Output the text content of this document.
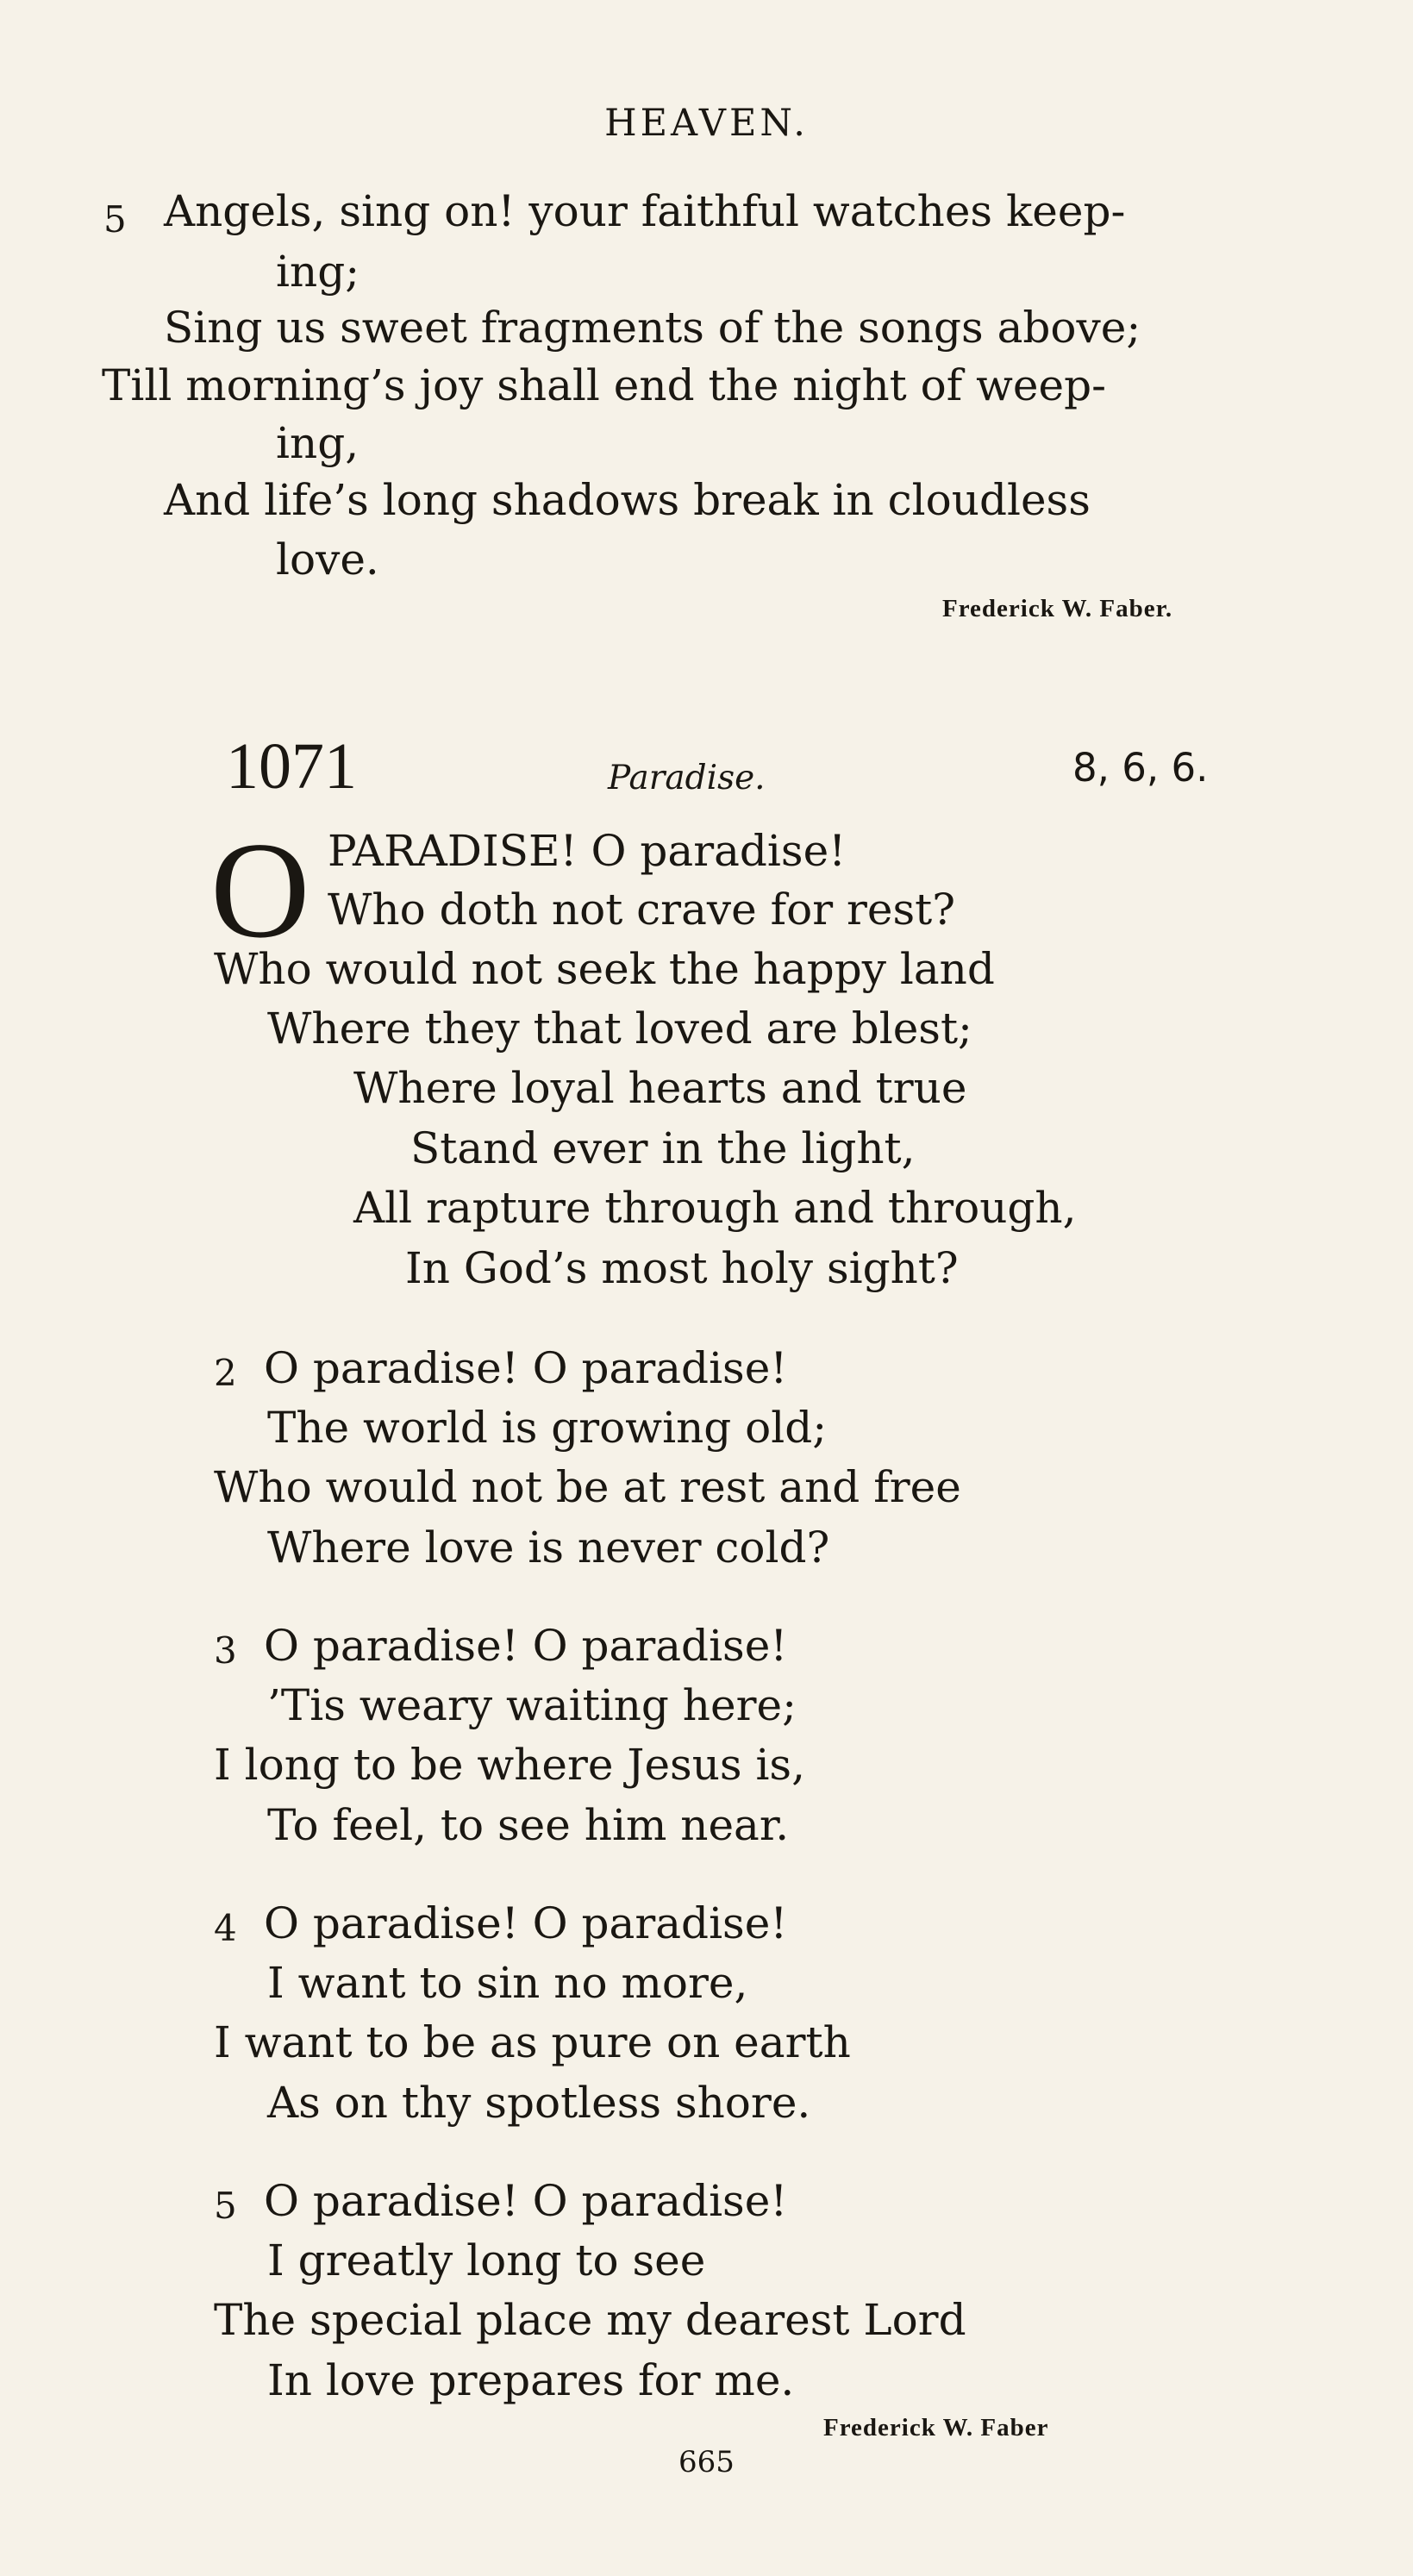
HEAVEN.
5 Angels, sing on! your faithful watches keep-
ing;
Sing us sweet fragments of the songs above;
Till morning’s joy shall end the night of weep-
ing,
And life’s long shadows break in cloudless
love.
Frederick W. Faber.
1071	Paradise.	8, 6, 6.
O PARADISE! O paradise!
Who doth not crave for rest?
Who would not seek the happy land
Where they that loved are blest;
Where loyal hearts and true
Stand ever in the light,
All rapture through and through,
In God’s most holy sight?
2 O paradise! O paradise!
The world is growing old;
Who would not be at rest and free
Where love is never cold?
3 O paradise! O paradise!
’Tis weary waiting here;
I long to be where Jesus is,
To feel, to see him near.
4 O paradise! O paradise!
I want to sin no more,
I want to be as pure on earth
As on thy spotless shore.
5 O paradise! O paradise!
I greatly long to see
The special place my dearest Lord
In love prepares for me.
Frederick W. Faber
665
